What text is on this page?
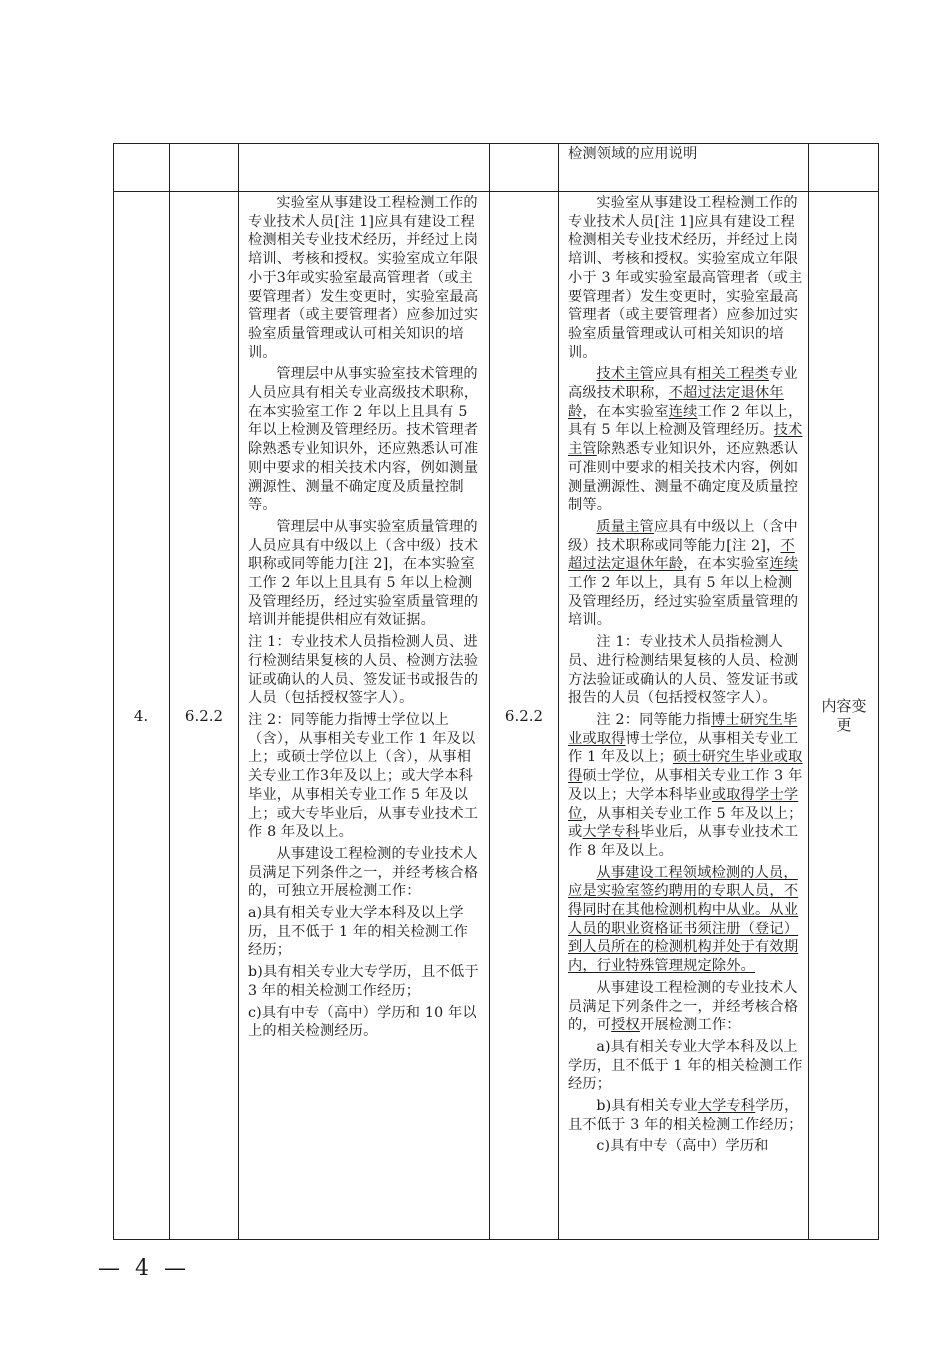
检测领域的应用说明

4.	6.2.2	6.2.2
内容变更

实验室从事建设工程检测工作的专业技术人员[注 1]应具有建设工程检测相关专业技术经历，并经过上岗培训、考核和授权。实验室成立年限小于3年或实验室最高管理者（或主要管理者）发生变更时，实验室最高管理者（或主要管理者）应参加过实验室质量管理或认可相关知识的培训。

管理层中从事实验室技术管理的人员应具有相关专业高级技术职称，在本实验室工作 2 年以上且具有 5 年以上检测及管理经历。技术管理者除熟悉专业知识外，还应熟悉认可准则中要求的相关技术内容，例如测量溯源性、测量不确定度及质量控制等。

管理层中从事实验室质量管理的人员应具有中级以上（含中级）技术职称或同等能力[注 2]，在本实验室工作 2 年以上且具有 5 年以上检测及管理经历，经过实验室质量管理的培训并能提供相应有效证据。

注 1：专业技术人员指检测人员、进行检测结果复核的人员、检测方法验证或确认的人员、签发证书或报告的人员（包括授权签字人）。

注 2：同等能力指博士学位以上（含），从事相关专业工作 1 年及以上；或硕士学位以上（含），从事相关专业工作3年及以上；或大学本科毕业，从事相关专业工作 5 年及以上；或大专毕业后，从事专业技术工作 8 年及以上。

从事建设工程检测的专业技术人员满足下列条件之一，并经考核合格的，可独立开展检测工作：

a)具有相关专业大学本科及以上学历，且不低于 1 年的相关检测工作经历；

b)具有相关专业大专学历，且不低于 3 年的相关检测工作经历；

c)具有中专（高中）学历和 10 年以上的相关检测经历。

实验室从事建设工程检测工作的专业技术人员[注 1]应具有建设工程检测相关专业技术经历，并经过上岗培训、考核和授权。实验室成立年限小于 3 年或实验室最高管理者（或主要管理者）发生变更时，实验室最高管理者（或主要管理者）应参加过实验室质量管理或认可相关知识的培训。

技术主管应具有相关工程类专业高级技术职称，不超过法定退休年龄，在本实验室连续工作 2 年以上，具有 5 年以上检测及管理经历。技术主管除熟悉专业知识外，还应熟悉认可准则中要求的相关技术内容，例如测量溯源性、测量不确定度及质量控制等。

质量主管应具有中级以上（含中级）技术职称或同等能力[注 2]，不超过法定退休年龄，在本实验室连续工作 2 年以上，具有 5 年以上检测及管理经历，经过实验室质量管理的培训。

注 1：专业技术人员指检测人员、进行检测结果复核的人员、检测方法验证或确认的人员、签发证书或报告的人员（包括授权签字人）。

注 2：同等能力指博士研究生毕业或取得博士学位，从事相关专业工作 1 年及以上；硕士研究生毕业或取得硕士学位，从事相关专业工作 3 年及以上；大学本科毕业或取得学士学位，从事相关专业工作 5 年及以上；或大学专科毕业后，从事专业技术工作 8 年及以上。

从事建设工程领域检测的人员，应是实验室签约聘用的专职人员，不得同时在其他检测机构中从业。从业人员的职业资格证书须注册（登记）到人员所在的检测机构并处于有效期内，行业特殊管理规定除外。

从事建设工程检测的专业技术人员满足下列条件之一，并经考核合格的，可授权开展检测工作：

a)具有相关专业大学本科及以上学历，且不低于 1 年的相关检测工作经历；

b)具有相关专业大学专科学历，且不低于 3 年的相关检测工作经历；

c)具有中专（高中）学历和

— 4 —
